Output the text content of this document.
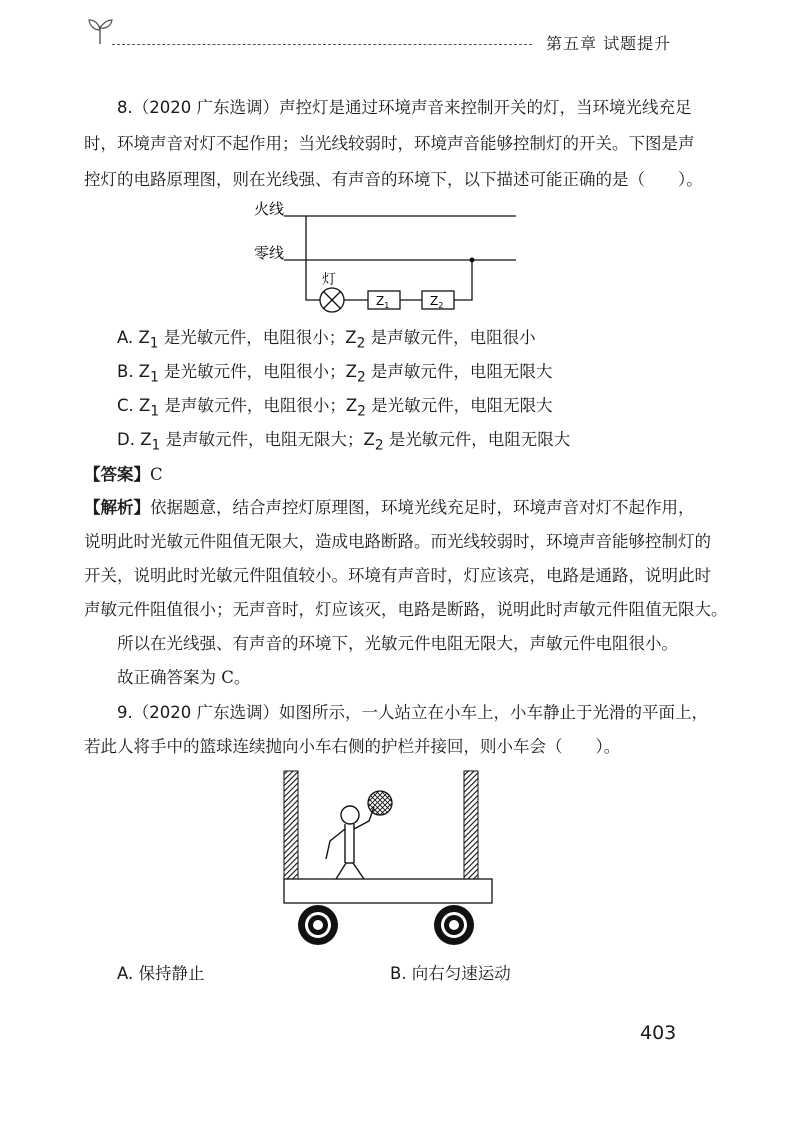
第五章 试题提升
8.（2020 广东选调）声控灯是通过环境声音来控制开关的灯，当环境光线充足
时，环境声音对灯不起作用；当光线较弱时，环境声音能够控制灯的开关。下图是声
控灯的电路原理图，则在光线强、有声音的环境下，以下描述可能正确的是（　　）。
火线
零线
灯
$Z_1$	$Z_2$
A. $Z_1$ 是光敏元件，电阻很小；$Z_2$ 是声敏元件，电阻很小
B. $Z_1$ 是光敏元件，电阻很小；$Z_2$ 是声敏元件，电阻无限大
C. $Z_1$ 是声敏元件，电阻很小；$Z_2$ 是光敏元件，电阻无限大
D. $Z_1$ 是声敏元件，电阻无限大；$Z_2$ 是光敏元件，电阻无限大
【答案】C
【解析】依据题意，结合声控灯原理图，环境光线充足时，环境声音对灯不起作用，
说明此时光敏元件阻值无限大，造成电路断路。而光线较弱时，环境声音能够控制灯的
开关，说明此时光敏元件阻值较小。环境有声音时，灯应该亮，电路是通路，说明此时
声敏元件阻值很小；无声音时，灯应该灭，电路是断路，说明此时声敏元件阻值无限大。
所以在光线强、有声音的环境下，光敏元件电阻无限大，声敏元件电阻很小。
故正确答案为 C。
9.（2020 广东选调）如图所示，一人站立在小车上，小车静止于光滑的平面上，
若此人将手中的篮球连续抛向小车右侧的护栏并接回，则小车会（　　）。
A. 保持静止	B. 向右匀速运动
403
